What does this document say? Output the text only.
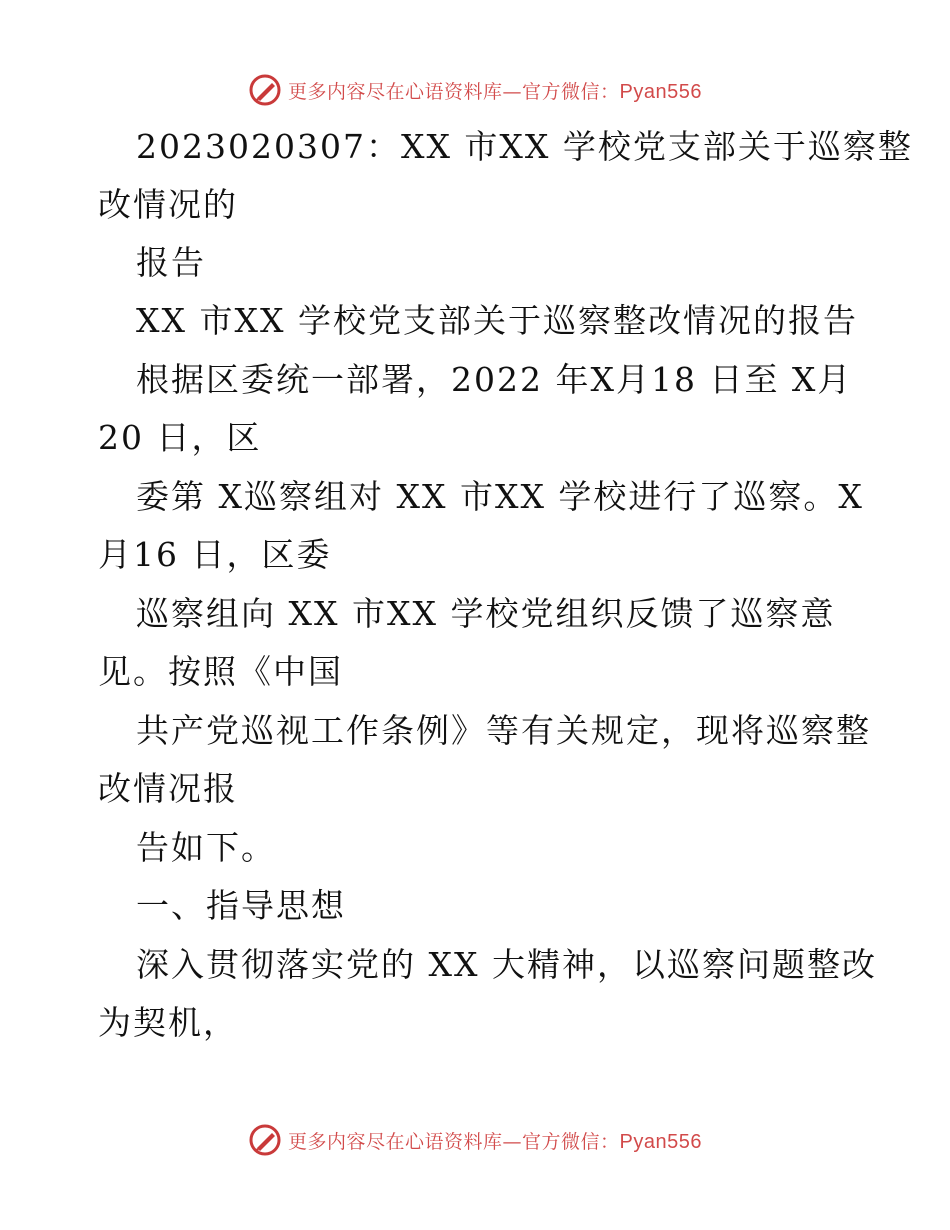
更多内容尽在心语资料库—官方微信：Pyan556
2023020307：XX 市XX 学校党支部关于巡察整
改情况的
报告
XX 市XX 学校党支部关于巡察整改情况的报告
根据区委统一部署，2022 年X月18 日至 X月
20 日，区
委第 X巡察组对 XX 市XX 学校进行了巡察。X
月16 日，区委
巡察组向 XX 市XX 学校党组织反馈了巡察意
见。按照《中国
共产党巡视工作条例》等有关规定，现将巡察整
改情况报
告如下。
一、指导思想
深入贯彻落实党的 XX 大精神，以巡察问题整改
为契机，
更多内容尽在心语资料库—官方微信：Pyan556
